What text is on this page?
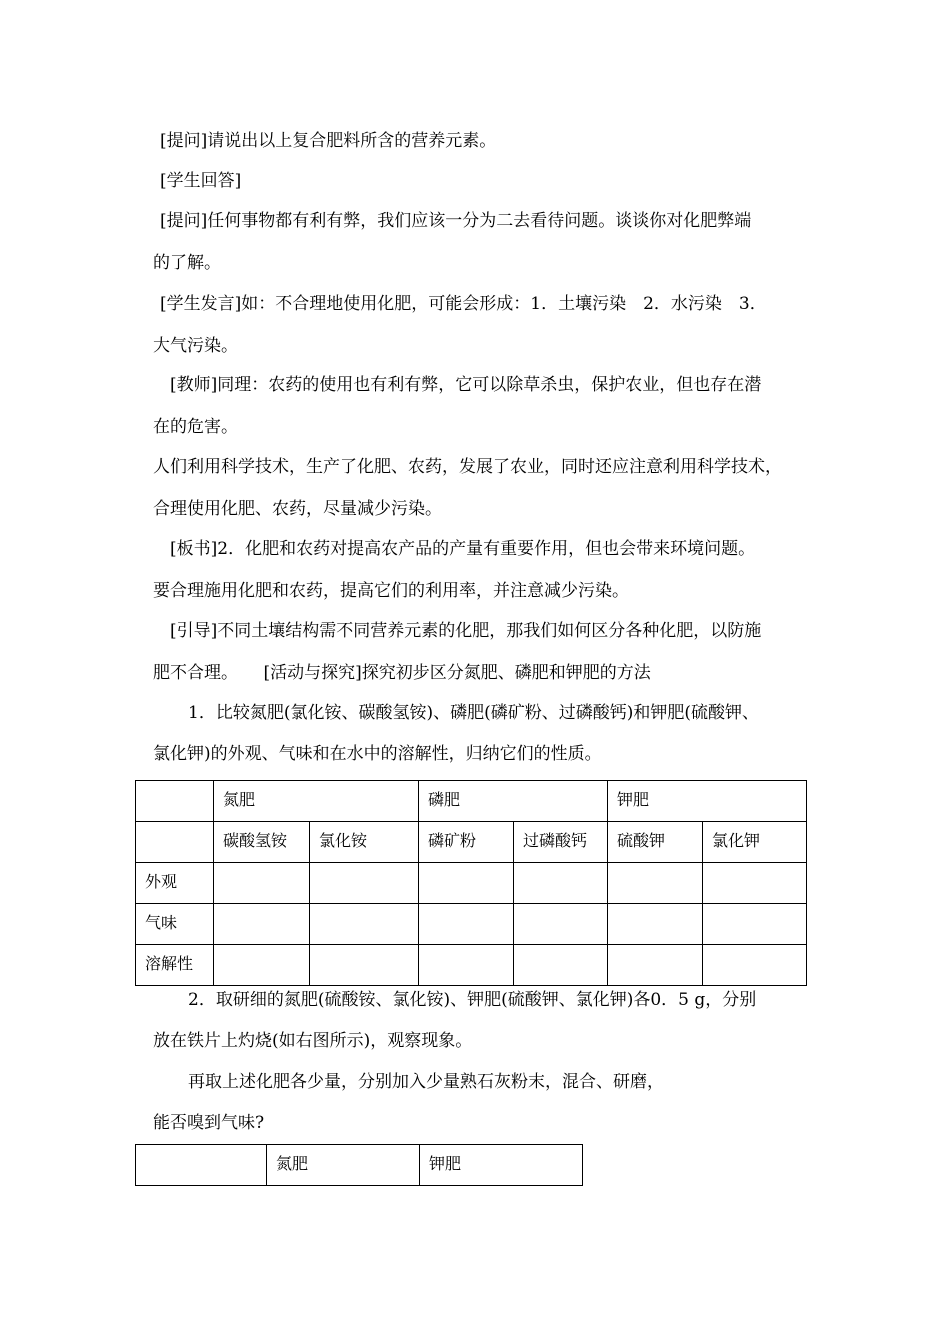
[提问]请说出以上复合肥料所含的营养元素。
[学生回答]
[提问]任何事物都有利有弊，我们应该一分为二去看待问题。谈谈你对化肥弊端
的了解。
[学生发言]如：不合理地使用化肥，可能会形成：1．土壤污染　2．水污染　3．
大气污染。
[教师]同理：农药的使用也有利有弊，它可以除草杀虫，保护农业，但也存在潜
在的危害。
人们利用科学技术，生产了化肥、农药，发展了农业，同时还应注意利用科学技术，
合理使用化肥、农药，尽量减少污染。
[板书]2．化肥和农药对提高农产品的产量有重要作用，但也会带来环境问题。
要合理施用化肥和农药，提高它们的利用率，并注意减少污染。
[引导]不同土壤结构需不同营养元素的化肥，那我们如何区分各种化肥，以防施
肥不合理。　　[活动与探究]探究初步区分氮肥、磷肥和钾肥的方法
1．比较氮肥(氯化铵、碳酸氢铵)、磷肥(磷矿粉、过磷酸钙)和钾肥(硫酸钾、
氯化钾)的外观、气味和在水中的溶解性，归纳它们的性质。
	氮肥		磷肥		钾肥	
	碳酸氢铵	氯化铵	磷矿粉	过磷酸钙	硫酸钾	氯化钾
外观						
气味						
溶解性						
2．取研细的氮肥(硫酸铵、氯化铵)、钾肥(硫酸钾、氯化钾)各0．5 g，分别
放在铁片上灼烧(如右图所示)，观察现象。
再取上述化肥各少量，分别加入少量熟石灰粉末，混合、研磨，
能否嗅到气味?
	氮肥	钾肥
